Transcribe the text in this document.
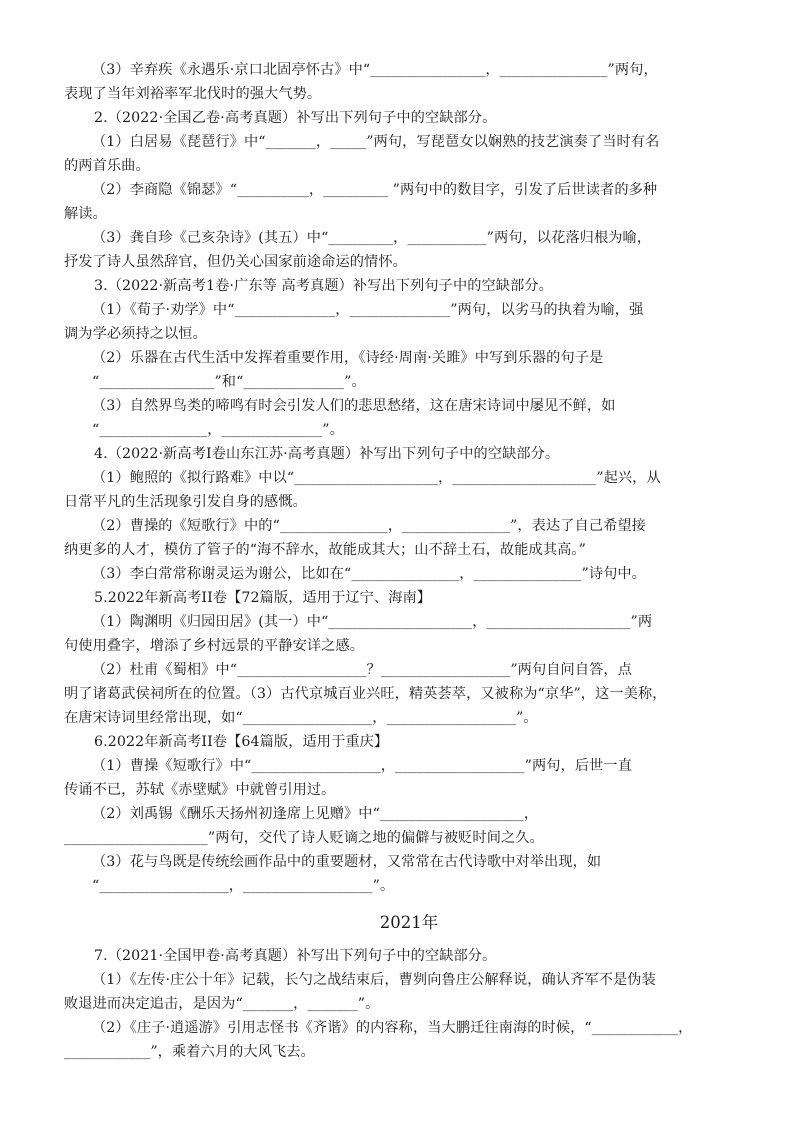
（3）辛弃疾《永遇乐·京口北固亭怀古》中“________________，_______________”两句，

表现了当年刘裕率军北伐时的强大气势。

2.（2022·全国乙卷·高考真题）补写出下列句子中的空缺部分。

（1）白居易《琵琶行》中“_______，_____”两句，写琵琶女以娴熟的技艺演奏了当时有名

的两首乐曲。

（2）李商隐《锦瑟》“__________，_________ ”两句中的数目字，引发了后世读者的多种

解读。

（3）龚自珍《己亥杂诗》(其五）中“_________，___________”两句，以花落归根为喻，

抒发了诗人虽然辞官，但仍关心国家前途命运的情怀。

3.（2022·新高考1卷·广东等 高考真题）补写出下列句子中的空缺部分。

（1）《荀子·劝学》中“______________，______________”两句，以劣马的执着为喻，强

调为学必须持之以恒。

（2）乐器在古代生活中发挥着重要作用，《诗经·周南·关雎》中写到乐器的句子是

“________________”和“______________”。

（3）自然界鸟类的啼鸣有时会引发人们的悲思愁绪，这在唐宋诗词中屡见不鲜，如

“_______________，______________”。

4.（2022·新高考Ⅰ卷山东江苏·高考真题）补写出下列句子中的空缺部分。

（1）鲍照的《拟行路难》中以“____________________，____________________”起兴，从

日常平凡的生活现象引发自身的感慨。

（2）曹操的《短歌行》中的“_______________，_______________”，表达了自己希望接

纳更多的人才，模仿了管子的“海不辞水，故能成其大；山不辞土石，故能成其高。”

（3）李白常常称谢灵运为谢公，比如在“_______________，_______________”诗句中。

5.2022年新高考II卷【72篇版，适用于辽宁、海南】

（1）陶渊明《归园田居》(其一）中“____________________，____________________”两

句使用叠字，增添了乡村远景的平静安详之感。

（2）杜甫《蜀相》中“__________________？__________________”两句自问自答，点

明了诸葛武侯祠所在的位置。（3）古代京城百业兴旺，精英荟萃，又被称为“京华”，这一美称，

在唐宋诗词里经常出现，如“__________________，__________________”。

6.2022年新高考II卷【64篇版，适用于重庆】

（1）曹操《短歌行》中“__________________，__________________”两句，后世一直

传诵不已，苏轼《赤壁赋》中就曾引用过。

（2）刘禹锡《酬乐天扬州初逢席上见赠》中“____________________，

____________________”两句，交代了诗人贬谪之地的偏僻与被贬时间之久。

（3）花与鸟既是传统绘画作品中的重要题材，又常常在古代诗歌中对举出现，如

“__________________，__________________”。

2021年

7.（2021·全国甲卷·高考真题）补写出下列句子中的空缺部分。

（1）《左传·庄公十年》记载，长勺之战结束后，曹刿向鲁庄公解释说，确认齐军不是伪装

败退进而决定追击，是因为“_______，_______”。

（2）《庄子·逍遥游》引用志怪书《齐谐》的内容称，当大鹏迁往南海的时候，“____________，

____________”，乘着六月的大风飞去。
